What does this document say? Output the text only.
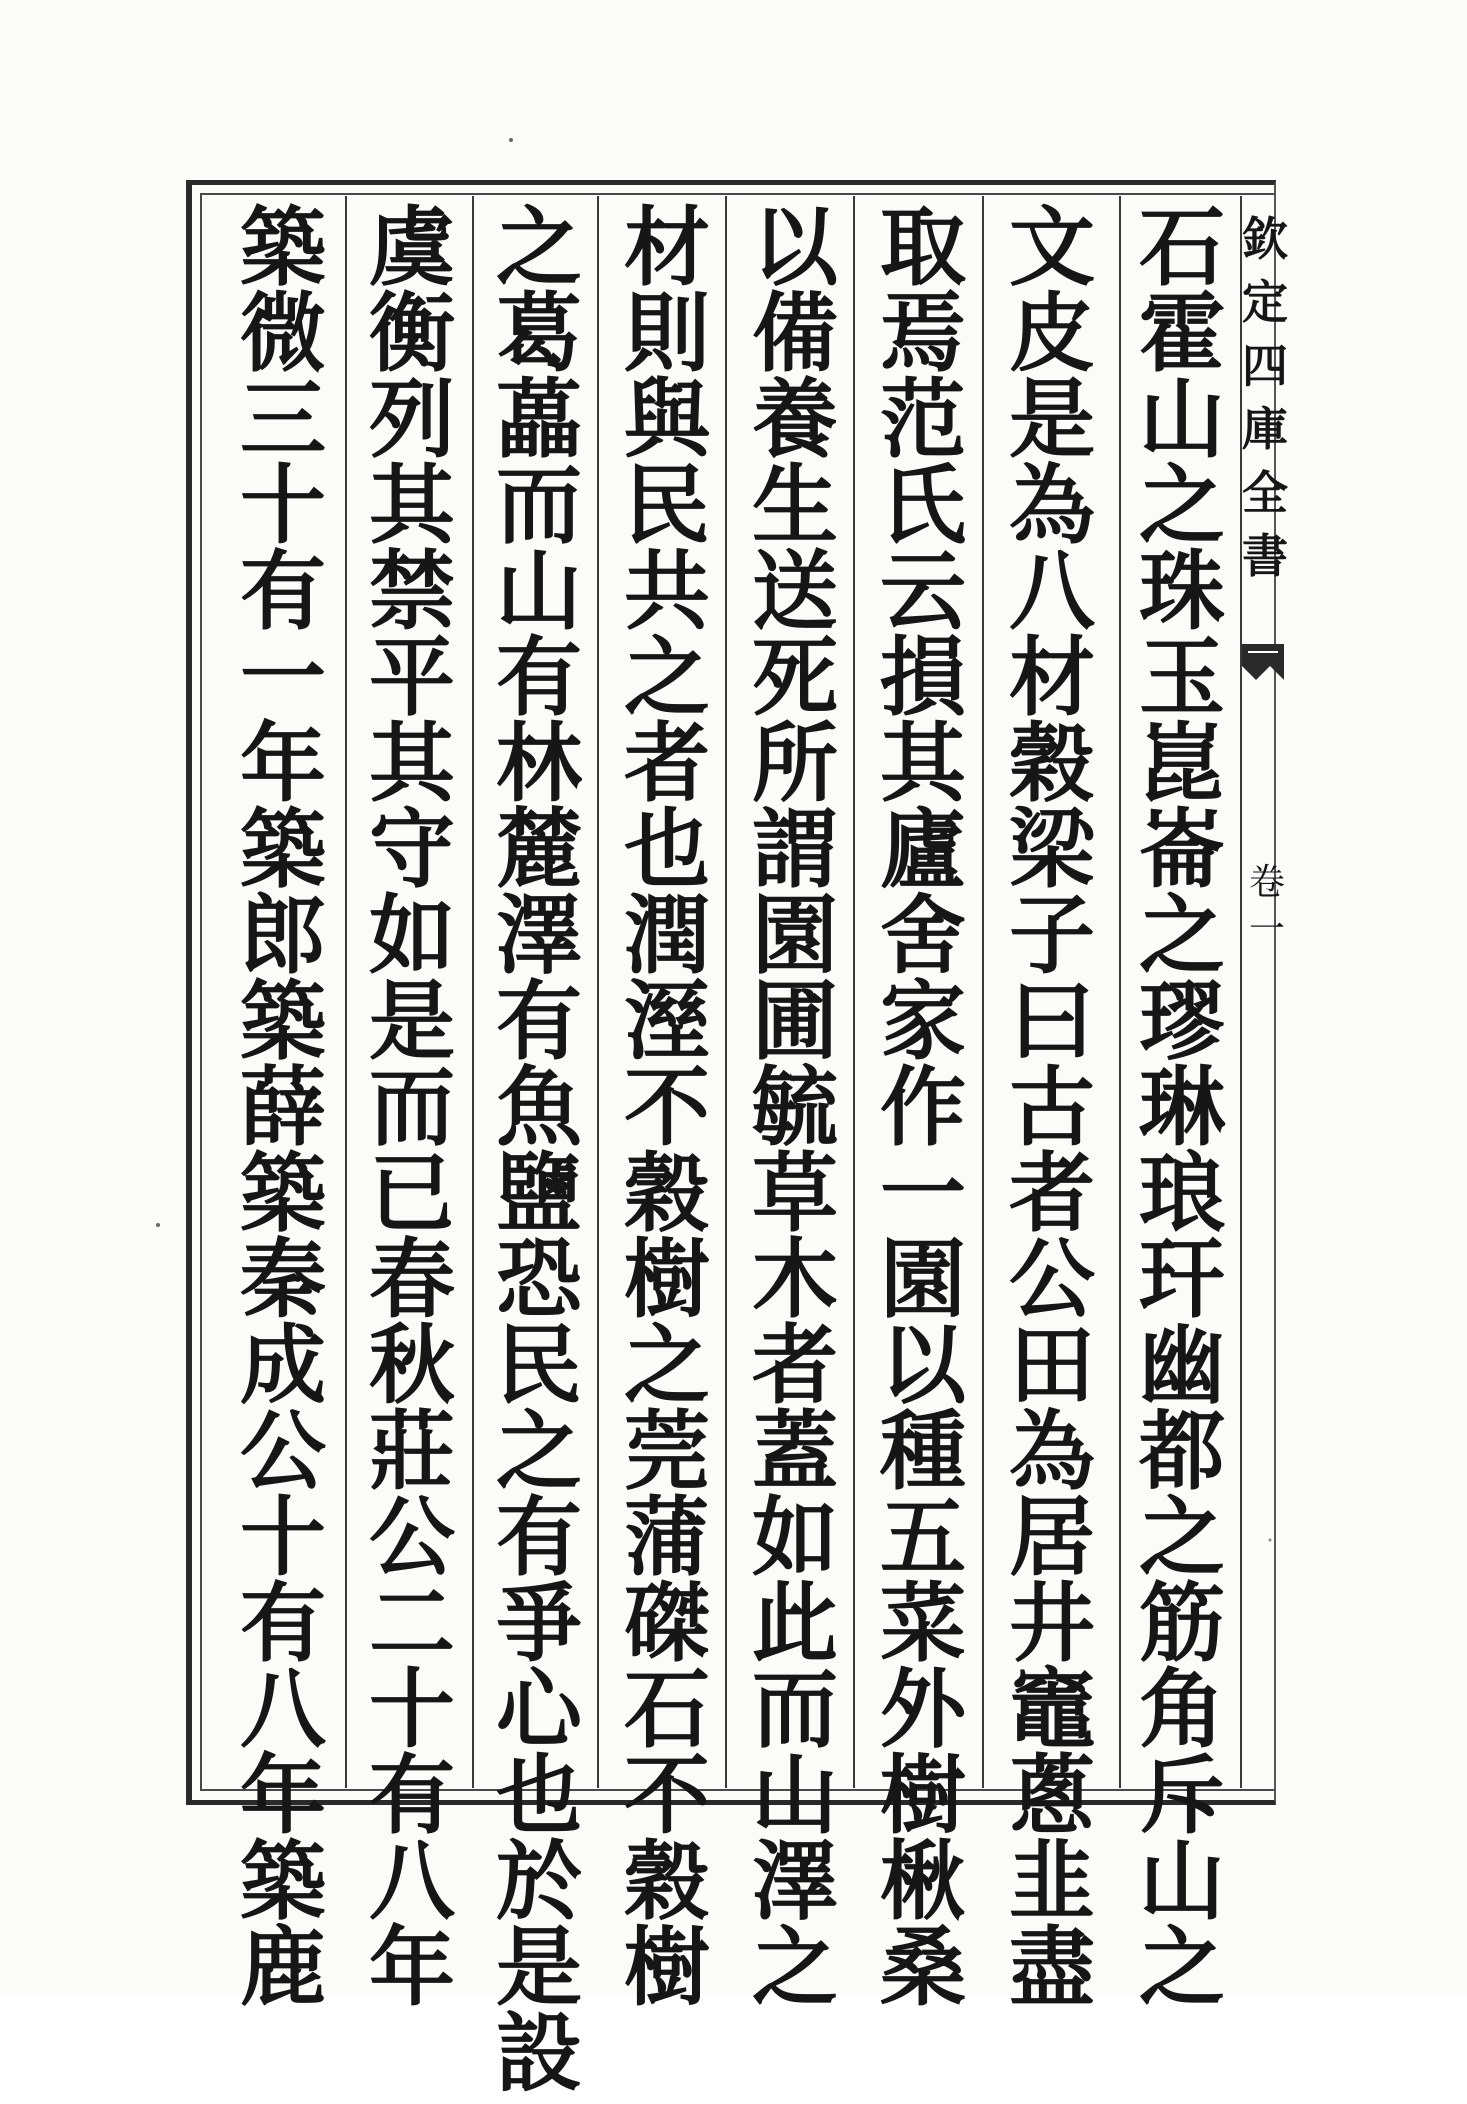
石
霍
山
之
珠
玉
崑
崙
之
璆
琳
琅
玕
幽
都
之
筋
角
斥
山
之
文
皮
是
為
八
材
穀
梁
子
曰
古
者
公
田
為
居
井
竈
蔥
韭
盡
取
焉
范
氏
云
損
其
廬
舍
家
作
一
園
以
種
五
菜
外
樹
楸
桑
以
備
養
生
送
死
所
謂
園
圃
毓
草
木
者
蓋
如
此
而
山
澤
之
材
則
與
民
共
之
者
也
潤
溼
不
穀
樹
之
莞
蒲
磔
石
不
穀
樹
之
葛
藟
而
山
有
林
麓
澤
有
魚
鹽
恐
民
之
有
爭
心
也
於
是
設
虞
衡
列
其
禁
平
其
守
如
是
而
已
春
秋
莊
公
二
十
有
八
年
築
微
三
十
有
一
年
築
郎
築
薛
築
秦
成
公
十
有
八
年
築
鹿
欽
定
四
庫
全
書
卷
一
